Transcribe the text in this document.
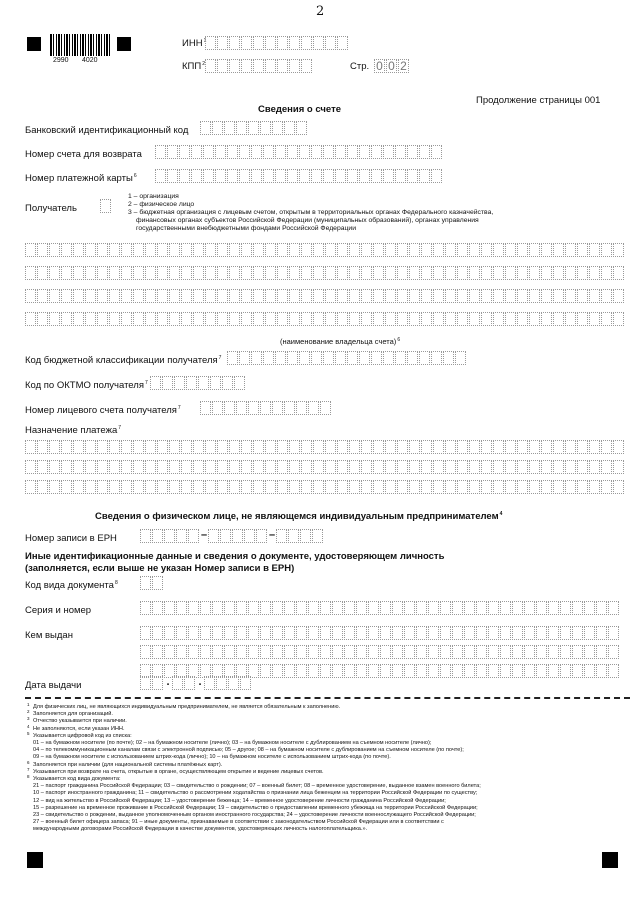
2
2990 4020
ИНН$^1$
КПП$^2$	Стр. 0 0 2
Продолжение страницы 001
Сведения о счете
Банковский идентификационный код
Номер счета для возврата
Номер платежной карты$^6$
Получатель
1 – организация
2 – физическое лицо
3 – бюджетная организация с лицевым счетом, открытым в территориальных органах Федерального казначейства,
финансовых органах субъектов Российской Федерации (муниципальных образований), органах управления
государственными внебюджетными фондами Российской Федерации
(наименование владельца счета)$^6$
Код бюджетной классификации получателя$^7$
Код по ОКТМО получателя$^7$
Номер лицевого счета получателя$^7$
Назначение платежа$^7$
Сведения о физическом лице, не являющемся индивидуальным предпринимателем$^4$
Номер записи в ЕРН	–	–
Иные идентификационные данные и сведения о документе, удостоверяющем личность
(заполняется, если выше не указан Номер записи в ЕРН)
Код вида документа$^8$
Серия и номер
Кем выдан
Дата выдачи	.	.
1 Для физических лиц, не являющихся индивидуальным предпринимателем, не является обязательным к заполнению.
2 Заполняется для организаций.
3 Отчество указывается при наличии.
4 Не заполняются, если указан ИНН.
5 Указывается цифровой код из списка:
01 – на бумажном носителе (по почте); 02 – на бумажном носителе (лично); 03 – на бумажном носителе с дублированием на съемном носителе (лично);
04 – по телекоммуникационным каналам связи с электронной подписью; 05 – другое; 08 – на бумажном носителе с дублированием на съемном носителе (по почте);
09 – на бумажном носителе с использованием штрих-кода (лично); 10 – на бумажном носителе с использованием штрих-кода (по почте).
6 Заполняется при наличии (для национальной системы платёжных карт).
7 Указывается при возврате на счета, открытые в органе, осуществляющем открытие и ведение лицевых счетов.
8 Указывается код вида документа:
21 – паспорт гражданина Российской Федерации; 03 – свидетельство о рождении; 07 – военный билет; 08 – временное удостоверение, выданное взамен военного билета;
10 – паспорт иностранного гражданина; 11 – свидетельство о рассмотрении ходатайства о признании лица беженцем на территории Российской Федерации по существу;
12 – вид на жительство в Российской Федерации; 13 – удостоверение беженца; 14 – временное удостоверение личности гражданина Российской Федерации;
15 – разрешение на временное проживание в Российской Федерации; 19 – свидетельство о предоставлении временного убежища на территории Российской Федерации;
23 – свидетельство о рождении, выданное уполномоченным органом иностранного государства; 24 – удостоверение личности военнослужащего Российской Федерации;
27 – военный билет офицера запаса; 91 – иные документы, признаваемые в соответствии с законодательством Российской Федерации или в соответствии с
международными договорами Российской Федерации в качестве документов, удостоверяющих личность налогоплательщика.».
